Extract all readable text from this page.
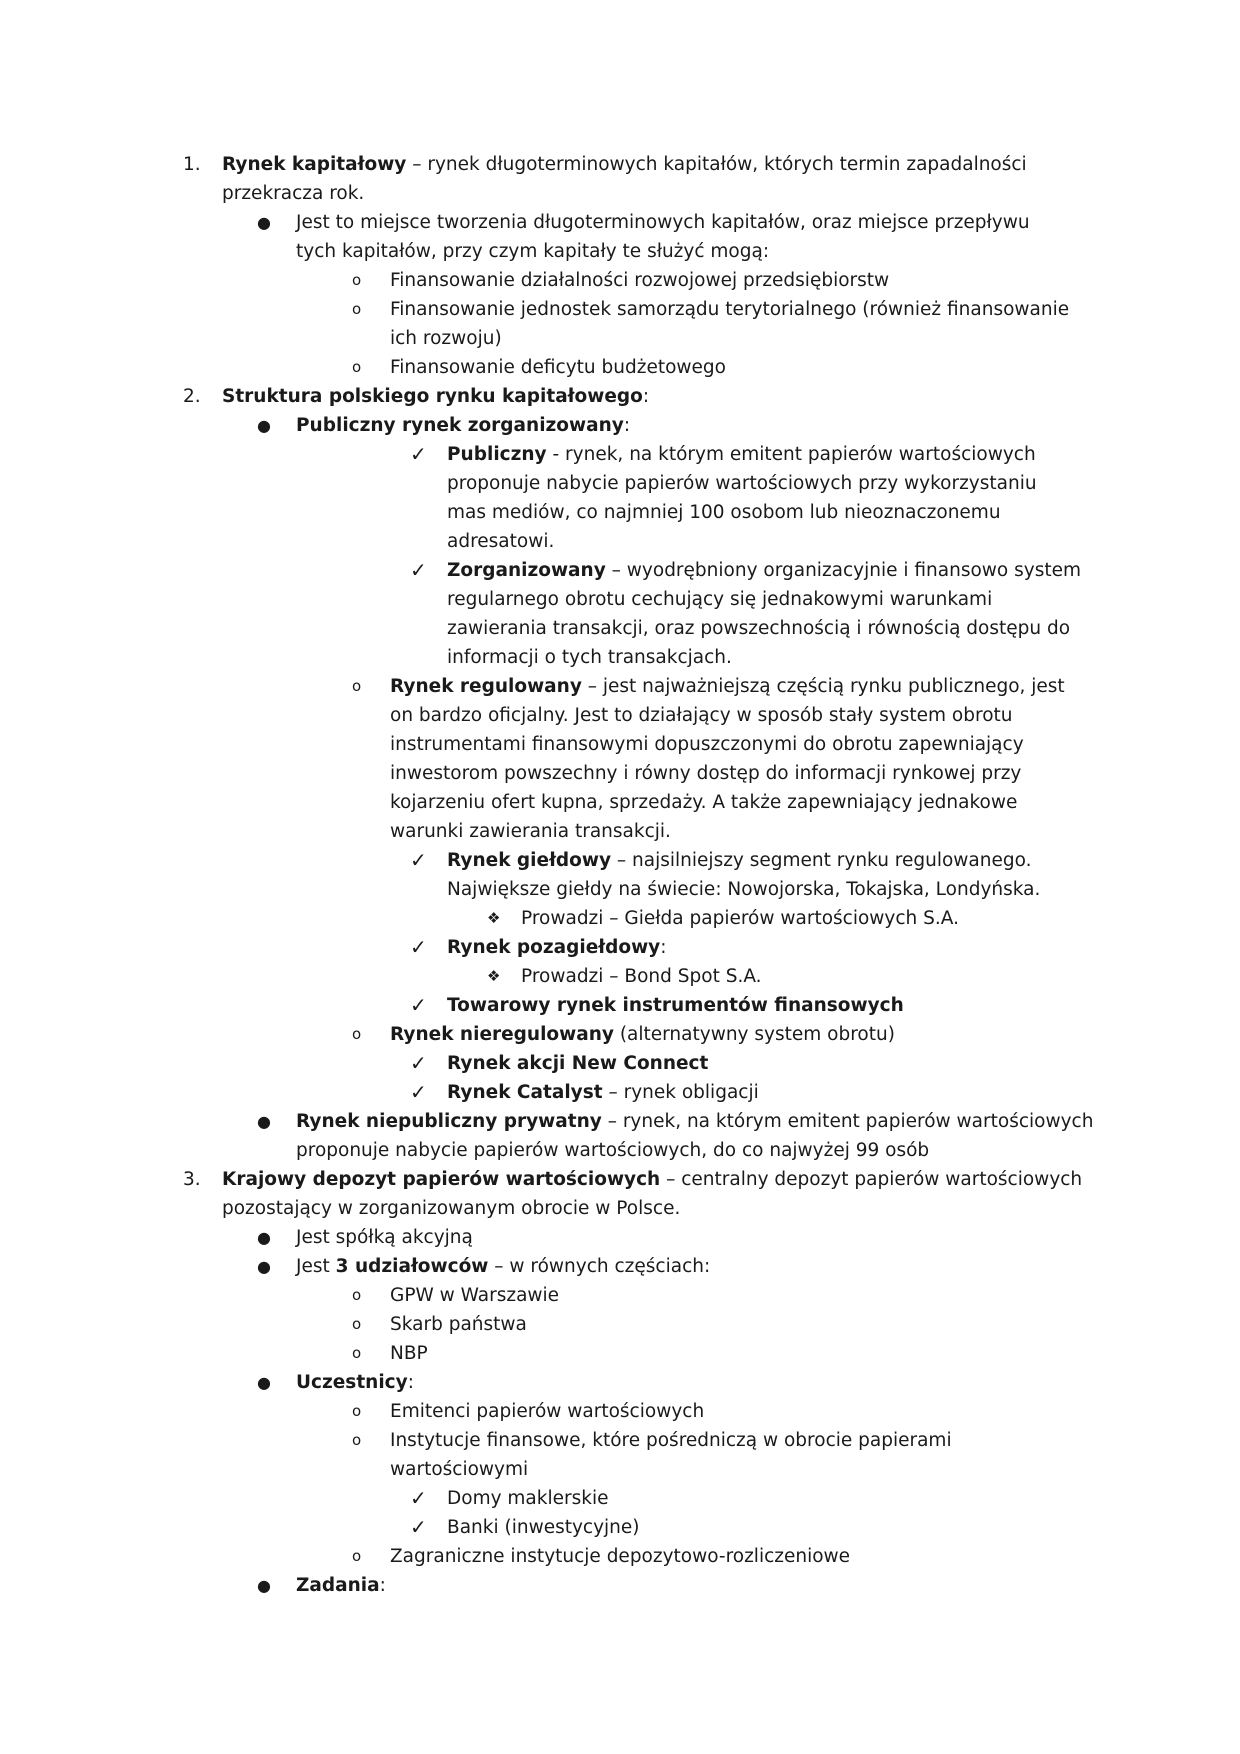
1. Rynek kapitałowy – rynek długoterminowych kapitałów, których termin zapadalności
przekracza rok.
● Jest to miejsce tworzenia długoterminowych kapitałów, oraz miejsce przepływu
tych kapitałów, przy czym kapitały te służyć mogą:
o Finansowanie działalności rozwojowej przedsiębiorstw
o Finansowanie jednostek samorządu terytorialnego (również finansowanie
ich rozwoju)
o Finansowanie deficytu budżetowego
2. Struktura polskiego rynku kapitałowego:
● Publiczny rynek zorganizowany:
✓ Publiczny - rynek, na którym emitent papierów wartościowych
proponuje nabycie papierów wartościowych przy wykorzystaniu
mas mediów, co najmniej 100 osobom lub nieoznaczonemu
adresatowi.
✓ Zorganizowany – wyodrębniony organizacyjnie i finansowo system
regularnego obrotu cechujący się jednakowymi warunkami
zawierania transakcji, oraz powszechnością i równością dostępu do
informacji o tych transakcjach.
o Rynek regulowany – jest najważniejszą częścią rynku publicznego, jest
on bardzo oficjalny. Jest to działający w sposób stały system obrotu
instrumentami finansowymi dopuszczonymi do obrotu zapewniający
inwestorom powszechny i równy dostęp do informacji rynkowej przy
kojarzeniu ofert kupna, sprzedaży. A także zapewniający jednakowe
warunki zawierania transakcji.
✓ Rynek giełdowy – najsilniejszy segment rynku regulowanego.
Największe giełdy na świecie: Nowojorska, Tokajska, Londyńska.
❖ Prowadzi – Giełda papierów wartościowych S.A.
✓ Rynek pozagiełdowy:
❖ Prowadzi – Bond Spot S.A.
✓ Towarowy rynek instrumentów finansowych
o Rynek nieregulowany (alternatywny system obrotu)
✓ Rynek akcji New Connect
✓ Rynek Catalyst – rynek obligacji
● Rynek niepubliczny prywatny – rynek, na którym emitent papierów wartościowych
proponuje nabycie papierów wartościowych, do co najwyżej 99 osób
3. Krajowy depozyt papierów wartościowych – centralny depozyt papierów wartościowych
pozostający w zorganizowanym obrocie w Polsce.
● Jest spółką akcyjną
● Jest 3 udziałowców – w równych częściach:
o GPW w Warszawie
o Skarb państwa
o NBP
● Uczestnicy:
o Emitenci papierów wartościowych
o Instytucje finansowe, które pośredniczą w obrocie papierami
wartościowymi
✓ Domy maklerskie
✓ Banki (inwestycyjne)
o Zagraniczne instytucje depozytowo-rozliczeniowe
● Zadania:
